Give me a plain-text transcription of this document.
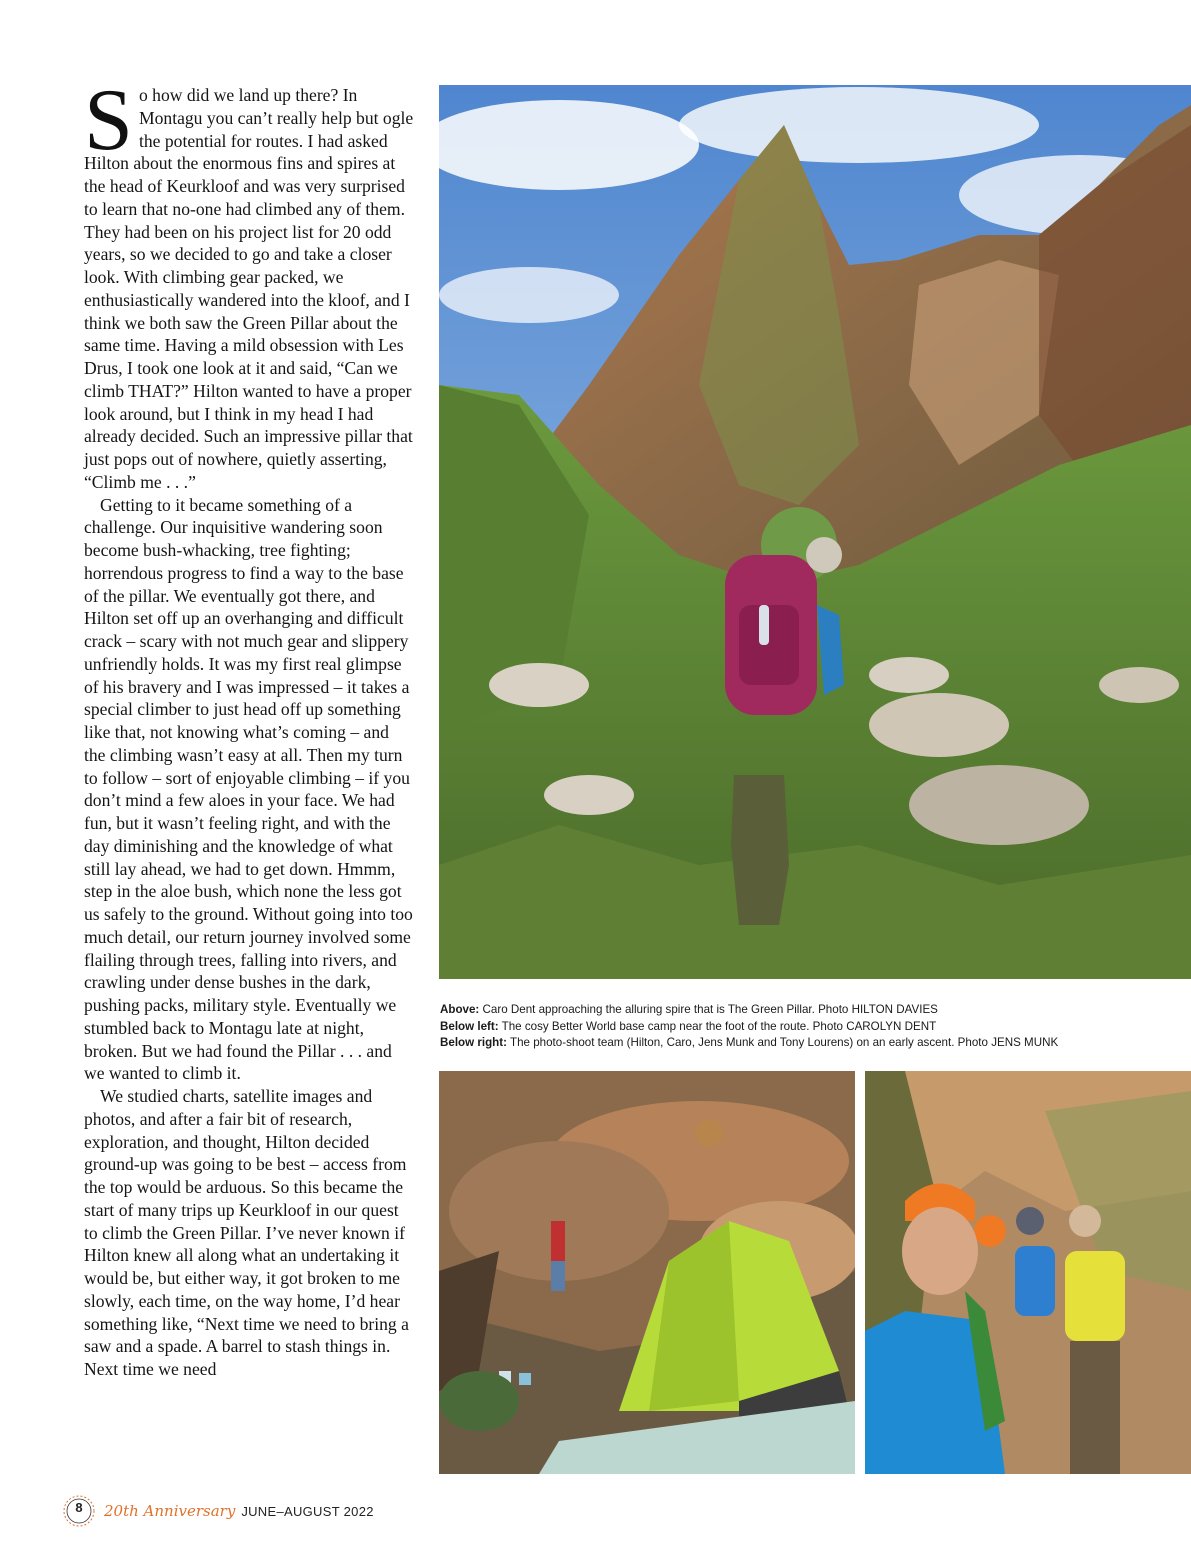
So how did we land up there? In Montagu you can’t really help but ogle the potential for routes. I had asked Hilton about the enormous fins and spires at the head of Keurkloof and was very surprised to learn that no-one had climbed any of them. They had been on his project list for 20 odd years, so we decided to go and take a closer look. With climbing gear packed, we enthusiastically wandered into the kloof, and I think we both saw the Green Pillar about the same time. Having a mild obsession with Les Drus, I took one look at it and said, “Can we climb THAT?” Hilton wanted to have a proper look around, but I think in my head I had already decided. Such an impressive pillar that just pops out of nowhere, quietly asserting, “Climb me . . .”

Getting to it became something of a challenge. Our inquisitive wandering soon become bush-whacking, tree fighting; horrendous progress to find a way to the base of the pillar. We eventually got there, and Hilton set off up an overhanging and difficult crack – scary with not much gear and slippery unfriendly holds. It was my first real glimpse of his bravery and I was impressed – it takes a special climber to just head off up something like that, not knowing what’s coming – and the climbing wasn’t easy at all. Then my turn to follow – sort of enjoyable climbing – if you don’t mind a few aloes in your face. We had fun, but it wasn’t feeling right, and with the day diminishing and the knowledge of what still lay ahead, we had to get down. Hmmm, step in the aloe bush, which none the less got us safely to the ground. Without going into too much detail, our return journey involved some flailing through trees, falling into rivers, and crawling under dense bushes in the dark, pushing packs, military style. Eventually we stumbled back to Montagu late at night, broken. But we had found the Pillar . . . and we wanted to climb it.

We studied charts, satellite images and photos, and after a fair bit of research, exploration, and thought, Hilton decided ground-up was going to be best – access from the top would be arduous. So this became the start of many trips up Keurkloof in our quest to climb the Green Pillar. I’ve never known if Hilton knew all along what an undertaking it would be, but either way, it got broken to me slowly, each time, on the way home, I’d hear something like, “Next time we need to bring a saw and a spade. A barrel to stash things in. Next time we need

Above: Caro Dent approaching the alluring spire that is The Green Pillar. Photo HILTON DAVIES
Below left: The cosy Better World base camp near the foot of the route. Photo CAROLYN DENT
Below right: The photo-shoot team (Hilton, Caro, Jens Munk and Tony Lourens) on an early ascent. Photo JENS MUNK
8	20th Anniversary JUNE–AUGUST 2022
